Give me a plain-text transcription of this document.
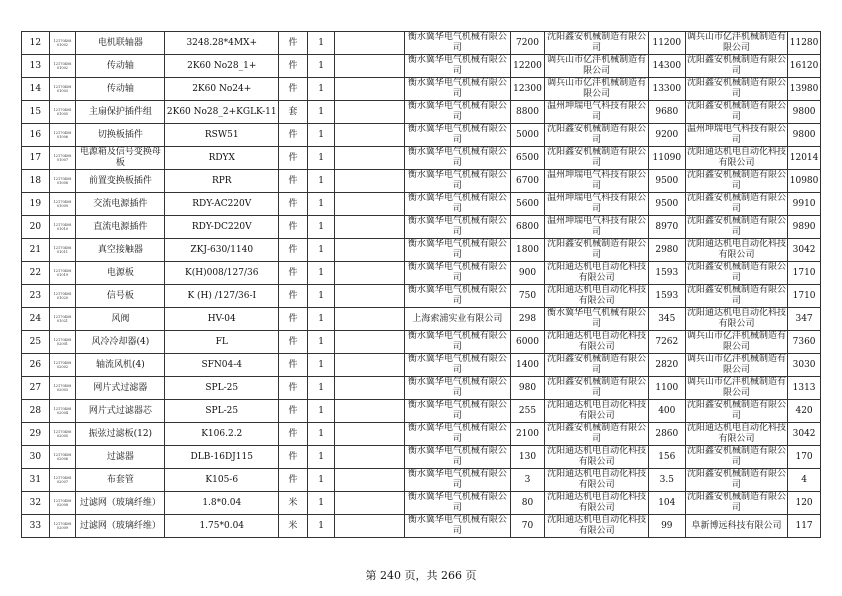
12	12170408 01002	电机联轴器	3248.28*4MX+	件	1		衡水冀华电气机械有限公司	7200	沈阳鑫安机械制造有限公司	11200	调兵山市亿沣机械制造有限公司	11280
13	12170408 01002	传动轴	2K60 No28_1+	件	1		衡水冀华电气机械有限公司	12200	调兵山市亿沣机械制造有限公司	14300	沈阳鑫安机械制造有限公司	16120
14	12170408 01003	传动轴	2K60 No24+	件	1		衡水冀华电气机械有限公司	12300	调兵山市亿沣机械制造有限公司	13300	沈阳鑫安机械制造有限公司	13980
15	12170408 01005	主扇保护插件组	2K60 No28_2+KGLK-11	套	1		衡水冀华电气机械有限公司	8800	温州坤瑞电气科技有限公司	9680	沈阳鑫安机械制造有限公司	9800
16	12170408 01006	切换板插件	RSW51	件	1		衡水冀华电气机械有限公司	5000	沈阳鑫安机械制造有限公司	9200	温州坤瑞电气科技有限公司	9800
17	12170408 01007	电源箱及信号变换母板	RDYX	件	1		衡水冀华电气机械有限公司	6500	沈阳鑫安机械制造有限公司	11090	沈阳通达机电自动化科技有限公司	12014
18	12170408 01008	前置变换板插件	RPR	件	1		衡水冀华电气机械有限公司	6700	温州坤瑞电气科技有限公司	9500	沈阳鑫安机械制造有限公司	10980
19	12170408 01009	交流电源插件	RDY-AC220V	件	1		衡水冀华电气机械有限公司	5600	温州坤瑞电气科技有限公司	9500	沈阳鑫安机械制造有限公司	9910
20	12170408 01010	直流电源插件	RDY-DC220V	件	1		衡水冀华电气机械有限公司	6800	温州坤瑞电气科技有限公司	8970	沈阳鑫安机械制造有限公司	9890
21	12170408 01011	真空接触器	ZKJ-630/1140	件	1		衡水冀华电气机械有限公司	1800	沈阳鑫安机械制造有限公司	2980	沈阳通达机电自动化科技有限公司	3042
22	12170408 01019	电源板	K(H)008/127/36	件	1		衡水冀华电气机械有限公司	900	沈阳通达机电自动化科技有限公司	1593	沈阳鑫安机械制造有限公司	1710
23	12170408 01020	信号板	K (H) /127/36-I	件	1		衡水冀华电气机械有限公司	750	沈阳通达机电自动化科技有限公司	1593	沈阳鑫安机械制造有限公司	1710
24	12170408 01021	风阀	HV-04	件	1		上海索浦实业有限公司	298	衡水冀华电气机械有限公司	345	沈阳通达机电自动化科技有限公司	347
25	12170408 02001	风冷冷却器(4)	FL	件	1		衡水冀华电气机械有限公司	6000	沈阳通达机电自动化科技有限公司	7262	调兵山市亿沣机械制造有限公司	7360
26	12170408 02002	轴流风机(4)	SFN04-4	件	1		衡水冀华电气机械有限公司	1400	沈阳鑫安机械制造有限公司	2820	调兵山市亿沣机械制造有限公司	3030
27	12170408 02003	网片式过滤器	SPL-25	件	1		衡水冀华电气机械有限公司	980	沈阳鑫安机械制造有限公司	1100	调兵山市亿沣机械制造有限公司	1313
28	12170408 02004	网片式过滤器芯	SPL-25	件	1		衡水冀华电气机械有限公司	255	沈阳通达机电自动化科技有限公司	400	沈阳鑫安机械制造有限公司	420
29	12170408 02005	振弦过滤板(12)	K106.2.2	件	1		衡水冀华电气机械有限公司	2100	沈阳鑫安机械制造有限公司	2860	沈阳通达机电自动化科技有限公司	3042
30	12170408 02006	过滤器	DLB-16DJ115	件	1		衡水冀华电气机械有限公司	130	沈阳通达机电自动化科技有限公司	156	沈阳鑫安机械制造有限公司	170
31	12170408 02007	布套管	K105-6	件	1		衡水冀华电气机械有限公司	3	沈阳通达机电自动化科技有限公司	3.5	沈阳鑫安机械制造有限公司	4
32	12170408 02008	过滤网（玻璃纤维）	1.8*0.04	米	1		衡水冀华电气机械有限公司	80	沈阳通达机电自动化科技有限公司	104	沈阳鑫安机械制造有限公司	120
33	12170408 02009	过滤网（玻璃纤维）	1.75*0.04	米	1		衡水冀华电气机械有限公司	70	沈阳通达机电自动化科技有限公司	99	阜新博远科技有限公司	117
第 240 页，共 266 页
